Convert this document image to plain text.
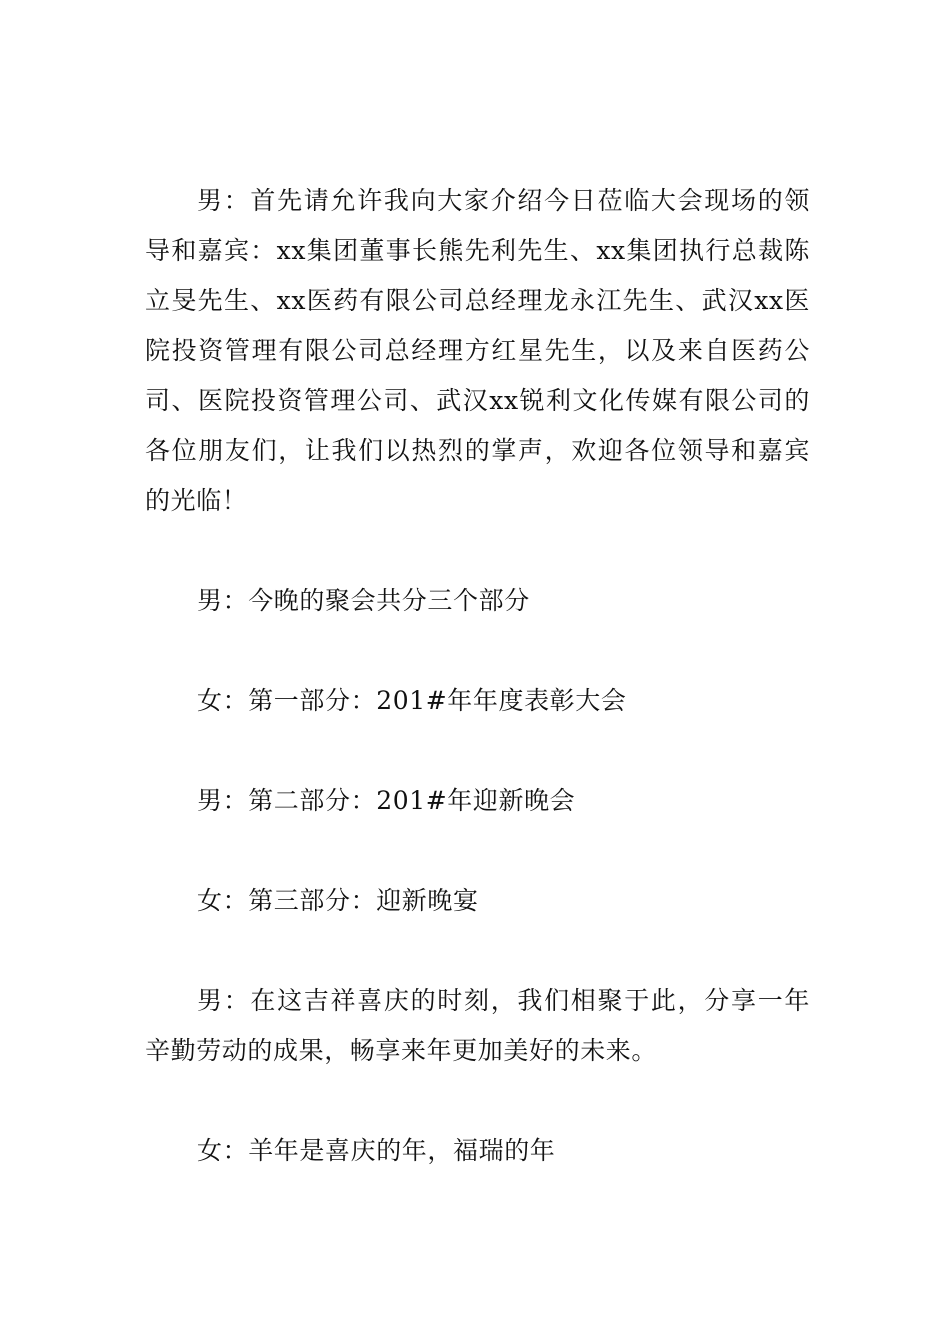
男：首先请允许我向大家介绍今日莅临大会现场的领导和嘉宾：xx集团董事长熊先利先生、xx集团执行总裁陈立旻先生、xx医药有限公司总经理龙永江先生、武汉xx医院投资管理有限公司总经理方红星先生，以及来自医药公司、医院投资管理公司、武汉xx锐利文化传媒有限公司的各位朋友们，让我们以热烈的掌声，欢迎各位领导和嘉宾的光临！

男：今晚的聚会共分三个部分

女：第一部分：201#年年度表彰大会

男：第二部分：201#年迎新晚会

女：第三部分：迎新晚宴

男：在这吉祥喜庆的时刻，我们相聚于此，分享一年辛勤劳动的成果，畅享来年更加美好的未来。

女：羊年是喜庆的年，福瑞的年
